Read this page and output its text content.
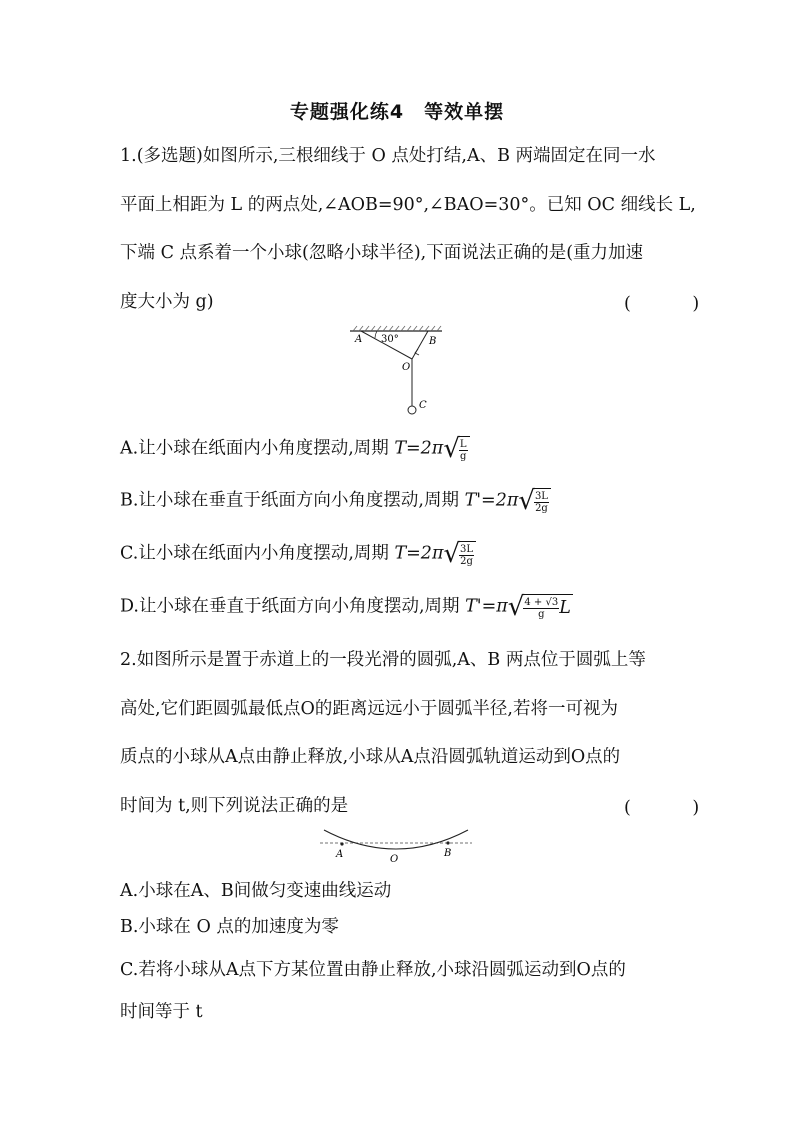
专题强化练4　等效单摆
1.(多选题)如图所示,三根细线于 O 点处打结,A、B 两端固定在同一水
平面上相距为 L 的两点处,∠AOB=90°,∠BAO=30°。已知 OC 细线长 L,
下端 C 点系着一个小球(忽略小球半径),下面说法正确的是(重力加速
度大小为 g)	(　)
A 30°	B
O
C
A.让小球在纸面内小角度摆动,周期 $T=2\pi√ \frac{L}{g}$
B.让小球在垂直于纸面方向小角度摆动,周期 $T'=2\pi√ \frac{3L}{2g}$
C.让小球在纸面内小角度摆动,周期 $T=2\pi√ \frac{3L}{2g}$
D.让小球在垂直于纸面方向小角度摆动,周期 $T'=\pi√ \frac{4 + √3}{g}$ L
2.如图所示是置于赤道上的一段光滑的圆弧,A、B 两点位于圆弧上等
高处,它们距圆弧最低点O的距离远远小于圆弧半径,若将一可视为
质点的小球从A点由静止释放,小球从A点沿圆弧轨道运动到O点的
时间为 t,则下列说法正确的是	(　)
A	O
B
A.小球在A、B间做匀变速曲线运动
B.小球在 O 点的加速度为零
C.若将小球从A点下方某位置由静止释放,小球沿圆弧运动到O点的
时间等于 t
